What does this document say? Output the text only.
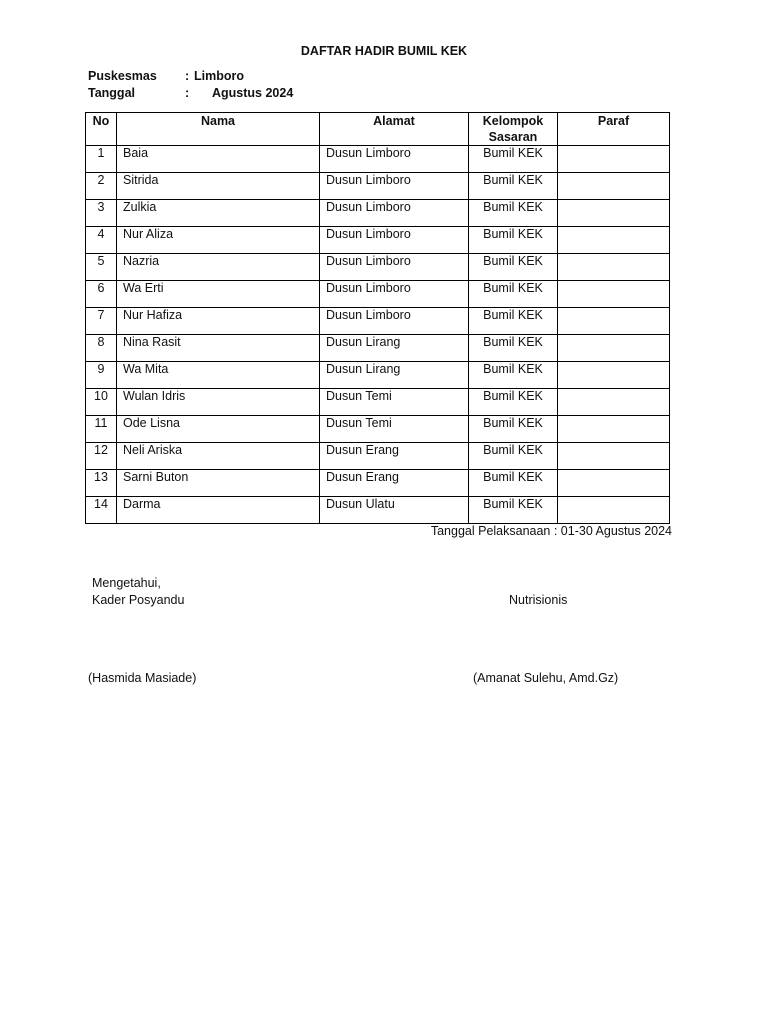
DAFTAR HADIR BUMIL KEK
Puskesmas : Limboro
Tanggal	: Agustus 2024
No	Nama	Alamat	Kelompok Sasaran	Paraf
1	Baia	Dusun Limboro	Bumil KEK	
2	Sitrida	Dusun Limboro	Bumil KEK	
3	Zulkia	Dusun Limboro	Bumil KEK	
4	Nur Aliza	Dusun Limboro	Bumil KEK	
5	Nazria	Dusun Limboro	Bumil KEK	
6	Wa Erti	Dusun Limboro	Bumil KEK	
7	Nur Hafiza	Dusun Limboro	Bumil KEK	
8	Nina Rasit	Dusun Lirang	Bumil KEK	
9	Wa Mita	Dusun Lirang	Bumil KEK	
10	Wulan Idris	Dusun Temi	Bumil KEK	
11	Ode Lisna	Dusun Temi	Bumil KEK	
12	Neli Ariska	Dusun Erang	Bumil KEK	
13	Sarni Buton	Dusun Erang	Bumil KEK	
14	Darma	Dusun Ulatu	Bumil KEK	
Tanggal Pelaksanaan : 01-30 Agustus 2024
Mengetahui,
Kader Posyandu	Nutrisionis
(Hasmida Masiade)	(Amanat Sulehu, Amd.Gz)
